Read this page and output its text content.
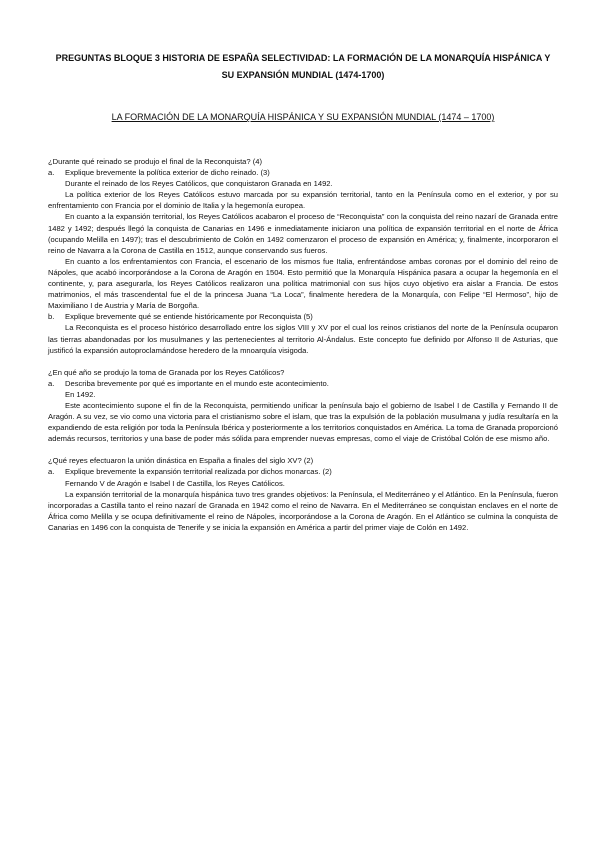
PREGUNTAS BLOQUE 3 HISTORIA DE ESPAÑA SELECTIVIDAD: LA FORMACIÓN DE LA MONARQUÍA HISPÁNICA Y
SU EXPANSIÓN MUNDIAL (1474-1700)
LA FORMACIÓN DE LA MONARQUÍA HISPÁNICA Y SU EXPANSIÓN MUNDIAL (1474 – 1700)

¿Durante qué reinado se produjo el final de la Reconquista? (4)

a. Explique brevemente la política exterior de dicho reinado. (3)

Durante el reinado de los Reyes Católicos, que conquistaron Granada en 1492.

La política exterior de los Reyes Católicos estuvo marcada por su expansión territorial, tanto en la Península como en el exterior, y por su enfrentamiento con Francia por el dominio de Italia y la hegemonía europea.

En cuanto a la expansión territorial, los Reyes Católicos acabaron el proceso de “Reconquista” con la conquista del reino nazarí de Granada entre 1482 y 1492; después llegó la conquista de Canarias en 1496 e inmediatamente iniciaron una política de expansión territorial en el norte de África (ocupando Melilla en 1497); tras el descubrimiento de Colón en 1492 comenzaron el proceso de expansión en América; y, finalmente, incorporaron el reino de Navarra a la Corona de Castilla en 1512, aunque conservando sus fueros.

En cuanto a los enfrentamientos con Francia, el escenario de los mismos fue Italia, enfrentándose ambas coronas por el dominio del reino de Nápoles, que acabó incorporándose a la Corona de Aragón en 1504. Esto permitió que la Monarquía Hispánica pasara a ocupar la hegemonía en el continente, y, para asegurarla, los Reyes Católicos realizaron una política matrimonial con sus hijos cuyo objetivo era aislar a Francia. De estos matrimonios, el más trascendental fue el de la princesa Juana “La Loca”, finalmente heredera de la Monarquía, con Felipe “El Hermoso”, hijo de Maximiliano I de Austria y María de Borgoña.

b. Explique brevemente qué se entiende históricamente por Reconquista (5)

La Reconquista es el proceso histórico desarrollado entre los siglos VIII y XV por el cual los reinos cristianos del norte de la Península ocuparon las tierras abandonadas por los musulmanes y las pertenecientes al territorio Al-Ándalus. Este concepto fue definido por Alfonso II de Asturias, que justificó la expansión autoproclamándose heredero de la mnoarquía visigoda.

¿En qué año se produjo la toma de Granada por los Reyes Católicos?

a. Describa brevemente por qué es importante en el mundo este acontecimiento.

En 1492.

Este acontecimiento supone el fin de la Reconquista, permitiendo unificar la península bajo el gobierno de Isabel I de Castilla y Fernando II de Aragón. A su vez, se vio como una victoria para el cristianismo sobre el islam, que tras la expulsión de la población musulmana y judía resultaría en la expandiendo de esta religión por toda la Península Ibérica y posteriormente a los territorios conquistados en América. La toma de Granada proporcionó además recursos, territorios y una base de poder más sólida para emprender nuevas empresas, como el viaje de Cristóbal Colón de ese mismo año.

¿Qué reyes efectuaron la unión dinástica en España a finales del siglo XV? (2)

a. Explique brevemente la expansión territorial realizada por dichos monarcas. (2)

Fernando V de Aragón e Isabel I de Castilla, los Reyes Católicos.

La expansión territorial de la monarquía hispánica tuvo tres grandes objetivos: la Península, el Mediterráneo y el Atlántico. En la Península, fueron incorporadas a Castilla tanto el reino nazarí de Granada en 1942 como el reino de Navarra. En el Mediterráneo se conquistan enclaves en el norte de África como Melilla y se ocupa definitivamente el reino de Nápoles, incorporándose a la Corona de Aragón. En el Atlántico se culmina la conquista de Canarias en 1496 con la conquista de Tenerife y se inicia la expansión en América a partir del primer viaje de Colón en 1492.
